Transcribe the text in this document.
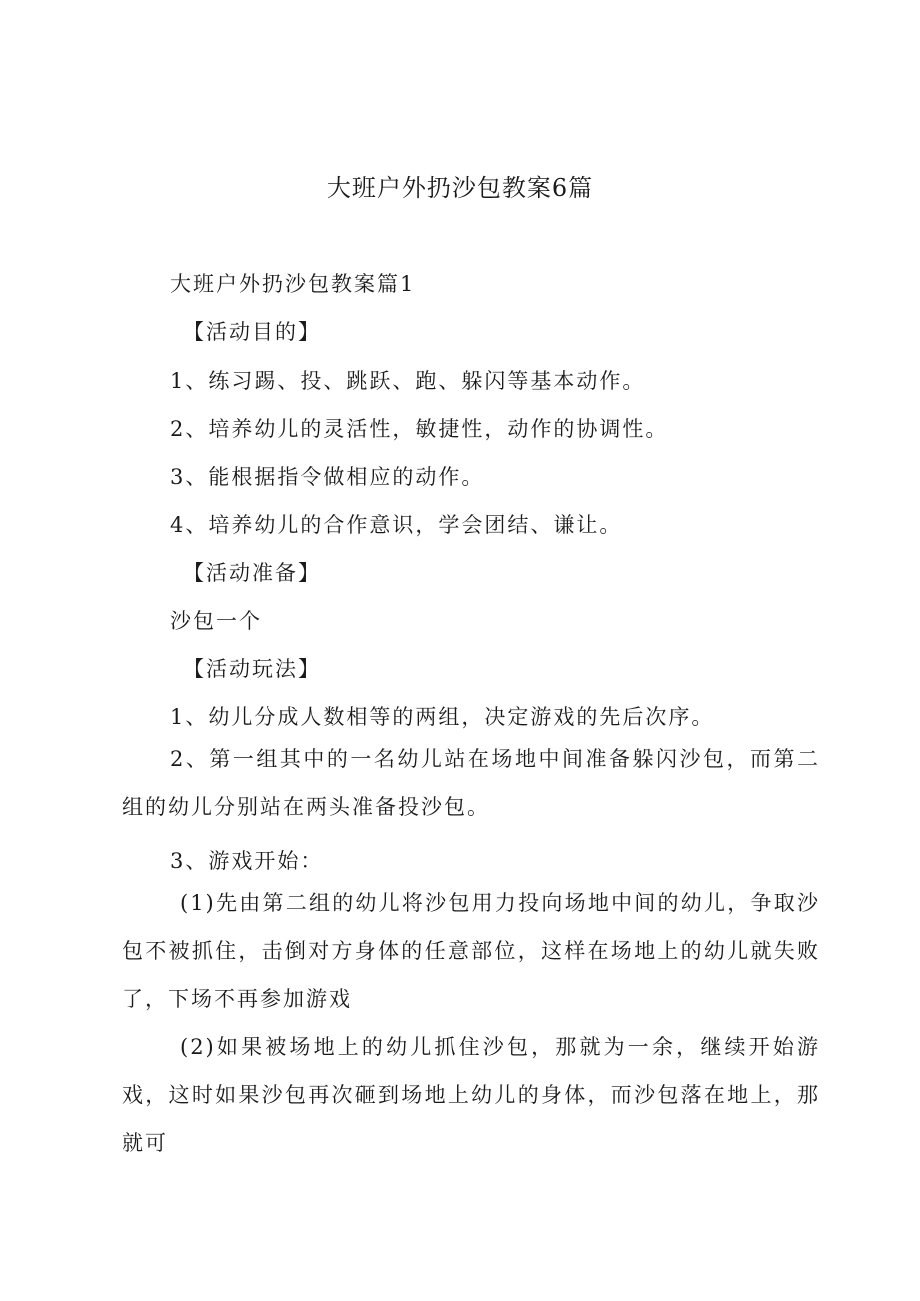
大班户外扔沙包教案6篇
大班户外扔沙包教案篇1
【活动目的】
1、练习踢、投、跳跃、跑、躲闪等基本动作。
2、培养幼儿的灵活性，敏捷性，动作的协调性。
3、能根据指令做相应的动作。
4、培养幼儿的合作意识，学会团结、谦让。
【活动准备】
沙包一个
【活动玩法】
1、幼儿分成人数相等的两组，决定游戏的先后次序。
2、第一组其中的一名幼儿站在场地中间准备躲闪沙包，而第二组的幼儿分别站在两头准备投沙包。
3、游戏开始：
(1)先由第二组的幼儿将沙包用力投向场地中间的幼儿，争取沙包不被抓住，击倒对方身体的任意部位，这样在场地上的幼儿就失败了，下场不再参加游戏
(2)如果被场地上的幼儿抓住沙包，那就为一余，继续开始游戏，这时如果沙包再次砸到场地上幼儿的身体，而沙包落在地上，那就可
